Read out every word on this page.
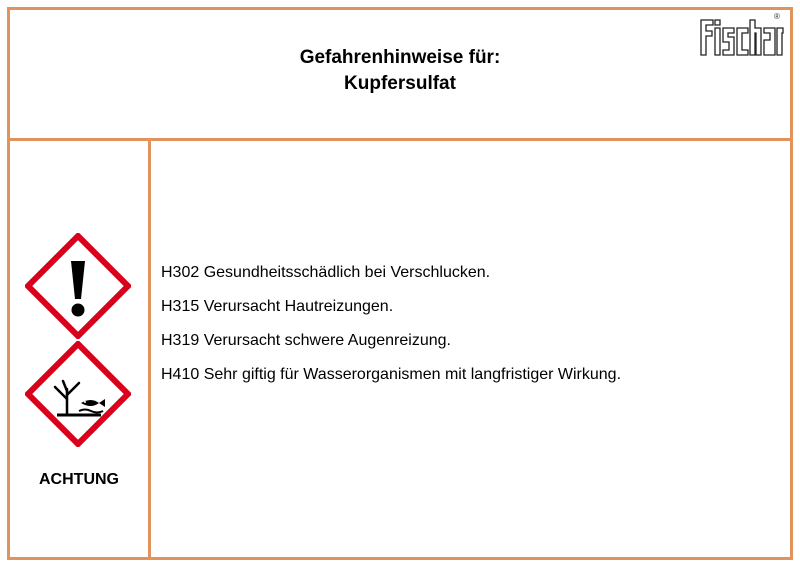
Gefahrenhinweise für:
Kupfersulfat
®
ACHTUNG
H302 Gesundheitsschädlich bei Verschlucken.
H315 Verursacht Hautreizungen.
H319 Verursacht schwere Augenreizung.
H410 Sehr giftig für Wasserorganismen mit langfristiger Wirkung.
